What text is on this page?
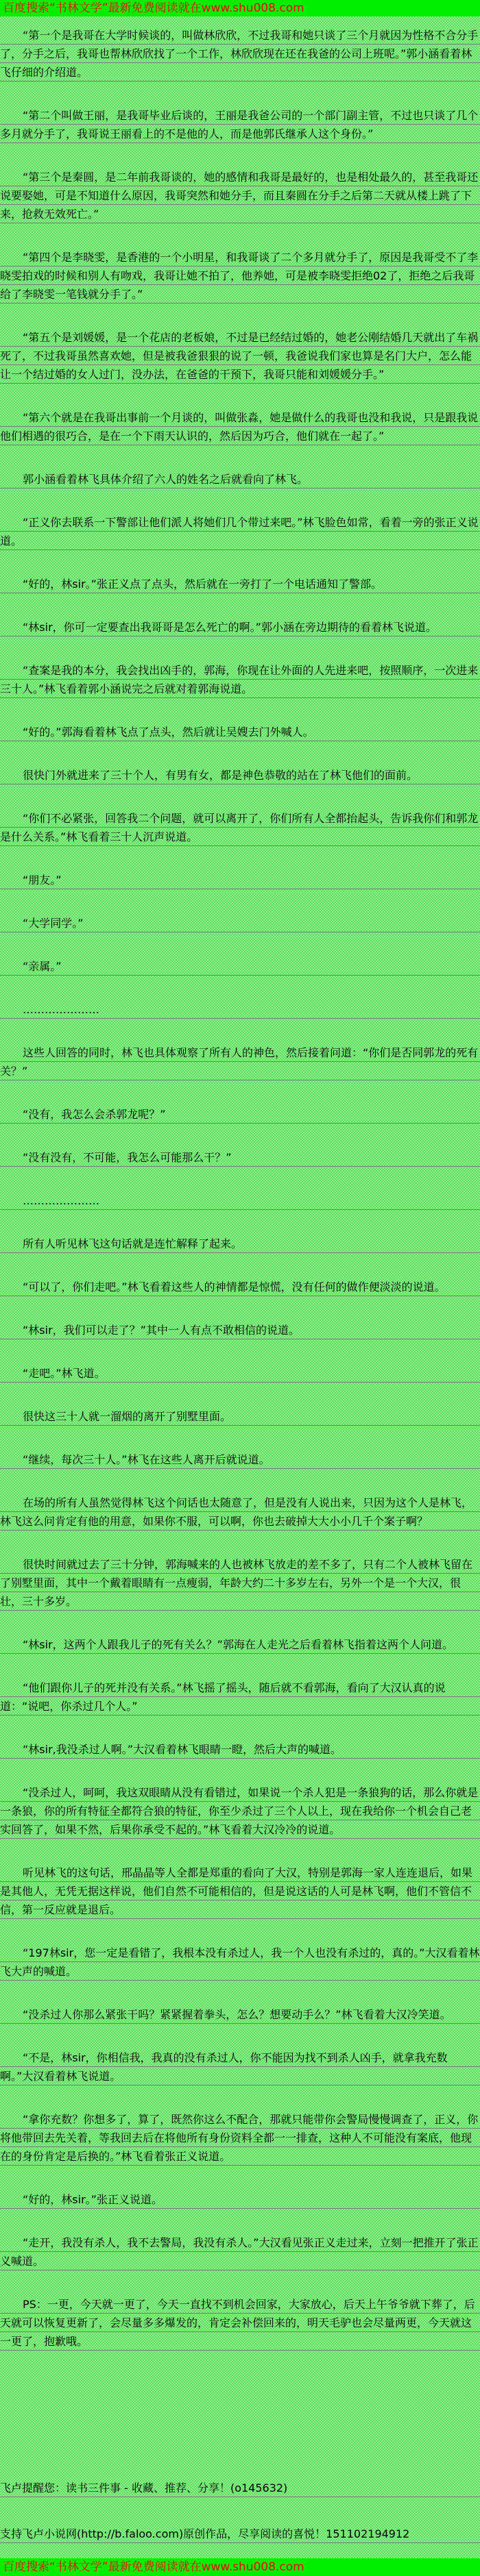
百度搜索“书林文学”最新免费阅读就在www.shu008.com

“第一个是我哥在大学时候谈的，叫做林欣欣，不过我哥和她只谈了三个月就因为性格不合分手了，分手之后，我哥也帮林欣欣找了一个工作，林欣欣现在还在我爸的公司上班呢。”郭小涵看着林飞仔细的介绍道。

“第二个叫做王丽，是我哥毕业后谈的，王丽是我爸公司的一个部门副主管，不过也只谈了几个多月就分手了，我哥说王丽看上的不是他的人，而是他郭氏继承人这个身份。”

“第三个是秦圆，是二年前我哥谈的，她的感情和我哥是最好的，也是相处最久的，甚至我哥还说要娶她，可是不知道什么原因，我哥突然和她分手，而且秦圆在分手之后第二天就从楼上跳了下来，抢救无效死亡。”

“第四个是李晓雯，是香港的一个小明星，和我哥谈了二个多月就分手了，原因是我哥受不了李晓雯拍戏的时候和别人有吻戏，我哥让她不拍了，他养她，可是被李晓雯拒绝02了，拒绝之后我哥给了李晓雯一笔钱就分手了。”

“第五个是刘媛媛，是一个花店的老板娘，不过是已经结过婚的，她老公刚结婚几天就出了车祸死了，不过我哥虽然喜欢她，但是被我爸狠狠的说了一顿，我爸说我们家也算是名门大户，怎么能让一个结过婚的女人过门，没办法，在爸爸的干预下，我哥只能和刘媛媛分手。”

“第六个就是在我哥出事前一个月谈的，叫做张淼，她是做什么的我哥也没和我说，只是跟我说他们相遇的很巧合，是在一个下雨天认识的，然后因为巧合，他们就在一起了。”

郭小涵看着林飞具体介绍了六人的姓名之后就看向了林飞。

“正义你去联系一下警部让他们派人将她们几个带过来吧。”林飞脸色如常，看着一旁的张正义说道。

“好的，林sir。”张正义点了点头，然后就在一旁打了一个电话通知了警部。

“林sir，你可一定要查出我哥哥是怎么死亡的啊。”郭小涵在旁边期待的看着林飞说道。

“查案是我的本分，我会找出凶手的，郭海，你现在让外面的人先进来吧，按照顺序，一次进来三十人。”林飞看着郭小涵说完之后就对着郭海说道。

“好的。”郭海看着林飞点了点头，然后就让吴嫂去门外喊人。

很快门外就进来了三十个人，有男有女，都是神色恭敬的站在了林飞他们的面前。

“你们不必紧张，回答我二个问题，就可以离开了，你们所有人全都抬起头，告诉我你们和郭龙是什么关系。”林飞看着三十人沉声说道。

“朋友。”

“大学同学。”

“亲属。”

…………………

这些人回答的同时，林飞也具体观察了所有人的神色，然后接着问道：“你们是否同郭龙的死有关？”

“没有，我怎么会杀郭龙呢？”

“没有没有，不可能，我怎么可能那么干？”

…………………

所有人听见林飞这句话就是连忙解释了起来。

“可以了，你们走吧。”林飞看着这些人的神情都是惊慌，没有任何的做作便淡淡的说道。

“林sir，我们可以走了？”其中一人有点不敢相信的说道。

“走吧。”林飞道。

很快这三十人就一溜烟的离开了别墅里面。

“继续，每次三十人。”林飞在这些人离开后就说道。

在场的所有人虽然觉得林飞这个问话也太随意了，但是没有人说出来，只因为这个人是林飞，林飞这么问肯定有他的用意，如果你不服，可以啊，你也去破掉大大小小几千个案子啊？

很快时间就过去了三十分钟，郭海喊来的人也被林飞放走的差不多了，只有二个人被林飞留在了别墅里面，其中一个戴着眼睛有一点瘦弱，年龄大约二十多岁左右，另外一个是一个大汉，很壮，三十多岁。

“林sir，这两个人跟我儿子的死有关么？”郭海在人走光之后看着林飞指着这两个人问道。

“他们跟你儿子的死并没有关系。”林飞摇了摇头，随后就不看郭海，看向了大汉认真的说道：“说吧，你杀过几个人。”

“林sir,我没杀过人啊。”大汉看着林飞眼睛一瞪，然后大声的喊道。

“没杀过人，呵呵，我这双眼睛从没有看错过，如果说一个杀人犯是一条狼狗的话，那么你就是一条狼，你的所有特征全都符合狼的特征，你至少杀过了三个人以上，现在我给你一个机会自己老实回答了，如果不然，后果你承受不起的。”林飞看着大汉冷冷的说道。

听见林飞的这句话，邢晶晶等人全都是郑重的看向了大汉，特别是郭海一家人连连退后，如果是其他人，无凭无据这样说，他们自然不可能相信的，但是说这话的人可是林飞啊，他们不管信不信，第一反应就是退后。

“197林sir，您一定是看错了，我根本没有杀过人，我一个人也没有杀过的，真的。”大汉看着林飞大声的喊道。

“没杀过人你那么紧张干吗？紧紧握着拳头，怎么？想要动手么？”林飞看着大汉冷笑道。

“不是，林sir，你相信我，我真的没有杀过人，你不能因为找不到杀人凶手，就拿我充数啊。”大汉看着林飞说道。

“拿你充数？你想多了，算了，既然你这么不配合，那就只能带你会警局慢慢调查了，正义，你将他带回去先关着，等我回去后在将他所有身份资料全都一一排查，这种人不可能没有案底，他现在的身份肯定是后换的。”林飞看着张正义说道。

“好的，林sir。”张正义说道。

“走开，我没有杀人，我不去警局，我没有杀人。”大汉看见张正义走过来，立刻一把推开了张正义喊道。

PS：一更，今天就一更了，今天一直找不到机会回家，大家放心，后天上午爷爷就下葬了，后天就可以恢复更新了，会尽量多多爆发的，肯定会补偿回来的，明天毛驴也会尽量两更，今天就这一更了，抱歉哦。

飞卢提醒您：读书三件事 - 收藏、推荐、分享！(o145632)
支持飞卢小说网(http://b.faloo.com)原创作品，尽享阅读的喜悦！151102194912
百度搜索“书林文学”最新免费阅读就在www.shu008.com
